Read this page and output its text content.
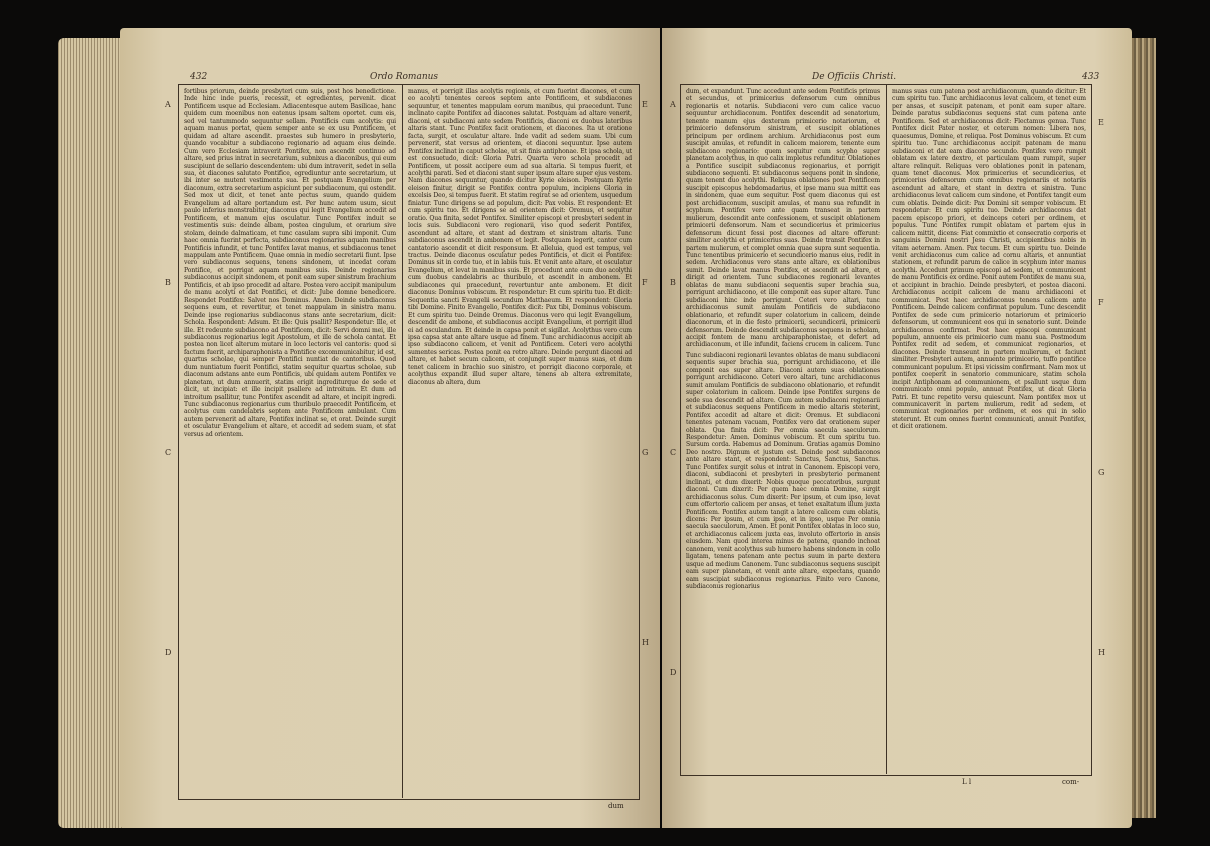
432	Ordo Romanus
A
B
C
D
E
F
G
H
fortibus priorum, deinde presbyteri cum suis, post hos benedictione. Inde hinc inde pueris, recessit, et egredientes, pervenit. dicat Pontificem usque ad Ecclesiam. Adiacentesque autem Basilicae, hanc quidem cum moenibus non eatenus ipsam saltem oportet. cum eis, sed vel tantummodo sequuntur sellam. Pontificis cum acolytis: qui aquam manus portat, quem semper ante se ex usu Pontificem, et quidam ad altare ascendit. praestes sub humero in presbyterio, quando vocabitur a subdiacono regionario ad aquam eius deinde. Cum vero Ecclesiam intraverit Pontifex, non ascendit continuo ad altare, sed prius intrat in secretarium, subnixus a diaconibus, qui eum suscipiunt de sellario descendentem: ubi dum intraverit, sedet in sella sua, et diacones salutato Pontifice, egrediuntur ante secretarium, ut ibi inter se mutent vestimenta sua. Et postquam Evangelium per diaconum, extra secretarium aspiciunt per subdiaconum, qui ostendit. Sed mox ut dicit, et tenet ante pectus suum, quando quidem Evangelium ad altare portandum est. Per hunc autem usum, sicut paulo inferius monstrabitur, diaconus qui legit Evangelium accedit ad Pontificem, et manum ejus osculatur. Tunc Pontifex induit se vestimentis suis: deinde albam, postea cingulum, et orarium sive stolam, deinde dalmaticam, et tunc casulam supra sibi imponit. Cum haec omnia fuerint perfecta, subdiaconus regionarius aquam manibus Pontificis infundit, et tunc Pontifex lavat manus, et subdiaconus tenet mappulam ante Pontificem. Quae omnia in medio secretarii fiunt. Ipse vero subdiaconus sequens, tenens sindonem, ut incedat coram Pontifice, et porrigat aquam manibus suis. Deinde regionarius subdiaconus accipit sindonem, et ponit eam super sinistrum brachium Pontificis, et ab ipso procedit ad altare. Postea vero accipit manipulum de manu acolyti et dat Pontifici, et dicit: Jube domne benedicere. Respondet Pontifex: Salvet nos Dominus. Amen. Deinde subdiaconus sequens eum, et revertitur, et tenet mappulam in sinistra manu. Deinde ipse regionarius subdiaconus stans ante secretarium, dicit: Schola. Respondent: Adsum. Et ille: Quis psallit? Respondetur: Ille, et ille. Et redeunte subdiacono ad Pontificem, dicit: Servi domni mei, ille subdiaconus regionarius legit Apostolum, et ille de schola cantat. Et postea non licet alterum mutare in loco lectoris vel cantoris: quod si factum fuerit, archiparaphonista a Pontifice excommunicabitur, id est, quartus scholae, qui semper Pontifici nuntiat de cantoribus. Quod dum nuntiatum fuerit Pontifici, statim sequitur quartus scholae, sub diaconum adstans ante eum Pontificis, ubi quidam autem Pontifex ve planetam, ut dum annuerit, statim erigit ingrediturque de sede et dicit, ut incipiat: et ille incipit psallere ad introitum. Et dum ad introitum psallitur, tunc Pontifex ascendit ad altare, et incipit ingredi. Tunc subdiaconus regionarius cum thuribulo praecedit Pontificem, et acolytus cum candelabris septem ante Pontificem ambulant. Cum autem pervenerit ad altare, Pontifex inclinat se, et orat. Deinde surgit et osculatur Evangelium et altare, et accedit ad sedem suam, et stat versus ad orientem.
manus, et porrigit illas acolytis regionis, et cum fuerint diacones, et cum eo acolyti tenentes cereos septem ante Pontificem, et subdiacones sequuntur, et tenentes mappulam eorum manibus, qui praecedunt. Tunc inclinato capite Pontifex ad diacones salutat. Postquam ad altare venerit, diaconi, et subdiaconi ante sedem Pontificis, diaconi ex duobus lateribus altaris stant. Tunc Pontifex facit orationem, et diacones. Ita ut oratione facta, surgit, et osculatur altare. Inde vadit ad sedem suam. Ubi cum pervenerit, stat versus ad orientem, et diaconi sequuntur. Ipse autem Pontifex inclinat in caput scholae, ut sit finis antiphonae. Et ipsa schola, ut est consuetudo, dicit: Gloria Patri. Quarta vero schola procedit ad Pontificem, ut possit accipere eum ad sua altaria. Si tempus fuerit, et acolythi parati. Sed et diaconi stant super ipsum altare super ejus vestem. Nam diacones sequuntur, quando dicitur Kyrie eleison. Postquam Kyrie eleison finitur, dirigit se Pontifex contra populum, incipiens Gloria in excelsis Deo, si tempus fuerit. Et statim regirat se ad orientem, usquedum finiatur. Tunc dirigens se ad populum, dicit: Pax vobis. Et respondent: Et cum spiritu tuo. Et dirigens se ad orientem dicit: Oremus, et sequitur oratio. Qua finita, sedet Pontifex. Similiter episcopi et presbyteri sedent in locis suis. Subdiaconi vero regionarii, viso quod sederit Pontifex, ascendunt ad altare, et stant ad dextram et sinistram altaris. Tunc subdiaconus ascendit in ambonem et legit. Postquam legerit, cantor cum cantatorio ascendit et dicit responsum. Et alleluia, quod est tempus, vel tractus. Deinde diaconus osculatur pedes Pontificis, et dicit ei Pontifex: Dominus sit in corde tuo, et in labiis tuis. Et venit ante altare, et osculatur Evangelium, et levat in manibus suis. Et procedunt ante eum duo acolythi cum duobus candelabris ac thuribulo, et ascendit in ambonem. Et subdiacones qui praecedunt, revertuntur ante ambonem. Et dicit diaconus: Dominus vobiscum. Et respondetur: Et cum spiritu tuo. Et dicit: Sequentia sancti Evangelii secundum Matthaeum. Et respondent: Gloria tibi Domine. Finito Evangelio, Pontifex dicit: Pax tibi, Dominus vobiscum. Et cum spiritu tuo. Deinde Oremus. Diaconus vero qui legit Evangelium, descendit de ambone, et subdiaconus accipit Evangelium, et porrigit illud ei ad osculandum. Et deinde in capsa ponit et sigillat. Acolythus vero cum ipsa capsa stat ante altare usque ad finem. Tunc archidiaconus accipit ab ipso subdiacono calicem, et venit ad Pontificem. Ceteri vero acolythi sumentes sericas. Postea ponit ea retro altare. Deinde pergunt diaconi ad altare, et habet secum calicem, et conjungit super manus suas, et dum tenet calicem in brachio suo sinistro, et porrigit diacono corporale, et acolythus expandit illud super altare, tenens ab altera extremitate, diaconus ab altera, dum
dum
De Officiis Christi.	433
A
B
C
D
E
F
G
H
dum, et expandunt. Tunc accedunt ante sedem Pontificis primus et secundus, et primicerius defensorum cum omnibus regionariis et notariis. Subdiaconi vero cum calice vacuo sequuntur archidiaconum. Pontifex descendit ad senatorium, tenente manum ejus dexteram primicerio notariorum, et primicerio defensorum sinistram, et suscipit oblationes principum per ordinem archium. Archidiaconus post eum suscipit amulas, et refundit in calicem maiorem, tenente eum subdiacono regionario: quem sequitur cum scypho super planetam acolythus, in quo calix impletus refunditur. Oblationes a Pontifice suscipit subdiaconus regionarius, et porrigit subdiacono sequenti. Et subdiaconus sequens ponit in sindone, quam tenent duo acolythi. Reliquas oblationes post Pontificem suscipit episcopus hebdomadarius, et ipse manu sua mittit eas in sindonem, quae eum sequitur. Post quem diaconus qui est post archidiaconum, suscipit amulas, et manu sua refundit in scyphum. Pontifex vero ante quam transeat in partem mulierum, descendit ante confessionem, et suscipit oblationem primicerii defensorum. Nam et secundicerius et primicerius defensorum dicunt fessi post diacones ad altare offerunt: similiter acolythi et primicerius suas. Deinde transit Pontifex in partem mulierum, et complet omnia quae supra sunt sequentia. Tunc tenentibus primicerio et secundicerio manus eius, redit in sedem. Archidiaconus vero stans ante altare, ex oblationibus sumit. Deinde lavat manus Pontifex, et ascendit ad altare, et dirigit ad orientem. Tunc subdiacones regionarii levantes oblatas de manu subdiaconi sequentis super brachia sua, porrigunt archidiacono, et ille componit eas super altare. Tunc subdiaconi hinc inde porrigunt. Ceteri vero altari, tunc archidiaconus sumit amulam Pontificis de subdiacono oblationario, et refundit super colatorium in calicem, deinde diaconorum, et in die festo primicerii, secundicerii, primicerii defensorum. Deinde descendit subdiaconus sequens in scholam, accipit fontem de manu archiparaphonistae, et defert ad archidiaconum, et ille infundit, faciens crucem in calicem. Tunc
Tunc subdiaconi regionarii levantes oblatas de manu subdiaconi sequentis super brachia sua, porrigunt archidiacono, et ille componit eas super altare. Diaconi autem suas oblationes porrigunt archidiacono. Ceteri vero altari, tunc archidiaconus sumit amulam Pontificis de subdiacono oblationario, et refundit super colatorium in calicem. Deinde ipse Pontifex surgens de sede sua descendit ad altare. Cum autem subdiaconi regionarii et subdiaconus sequens Pontificem in medio altaris steterint, Pontifex accedit ad altare et dicit: Oremus. Et subdiaconi tenentes patenam vacuam, Pontifex vero dat orationem super oblata. Qua finita dicit: Per omnia saecula saeculorum. Respondetur: Amen. Dominus vobiscum. Et cum spiritu tuo. Sursum corda. Habemus ad Dominum. Gratias agamus Domino Deo nostro. Dignum et justum est. Deinde post subdiaconos ante altare stant, et respondent: Sanctus, Sanctus, Sanctus. Tunc Pontifex surgit solus et intrat in Canonem. Episcopi vero, diaconi, subdiaconi et presbyteri in presbyterio permanent inclinati, et dum dixerit: Nobis quoque peccatoribus, surgunt diaconi. Cum dixerit: Per quem haec omnia Domine, surgit archidiaconus solus. Cum dixerit: Per ipsum, et cum ipso, levat cum offertorio calicem per ansas, et tenet exaltatum illum juxta Pontificem. Pontifex autem tangit a latere calicem cum oblatis, dicens: Per ipsum, et cum ipso, et in ipso, usque Per omnia saecula saeculorum, Amen. Et ponit Pontifex oblatas in loco suo, et archidiaconus calicem juxta eas, involuto offertorio in ansis eiusdem. Nam quod interea minus de patena, quando inchoat canonem, venit acolythus sub humero habens sindonem in collo ligatam, tenens patenam ante pectus suum in parte dextera usque ad medium Canonem. Tunc subdiaconus sequens suscipit eam super planetam, et venit ante altare, expectans, quando eam suscipiat subdiaconus regionarius. Finito vero Canone, subdiaconus regionarius
manus suas cum patena post archidiaconum, quando dicitur: Et cum spiritu tuo. Tunc archidiaconus levat calicem, et tenet eum per ansas, et suscipit patenam, et ponit eam super altare. Deinde paratus subdiaconus sequens stat cum patena ante Pontificem. Sed et archidiaconus dicit: Flectamus genua. Tunc Pontifex dicit Pater noster, et ceterum nomen: Libera nos, quaesumus, Domine, et reliqua. Post Dominus vobiscum. Et cum spiritu tuo. Tunc archidiaconus accipit patenam de manu subdiaconi et dat eam diacono secundo. Pontifex vero rumpit oblatam ex latere dextro, et particulam quam rumpit, super altare relinquit. Reliquas vero oblationes ponit in patenam, quam tenet diaconus. Mox primicerius et secundicerius, et primicerius defensorum cum omnibus regionariis et notariis ascendunt ad altare, et stant in dextra et sinistra. Tunc archidiaconus levat calicem cum sindone, et Pontifex tangit eum cum oblatis. Deinde dicit: Pax Domini sit semper vobiscum. Et respondetur: Et cum spiritu tuo. Deinde archidiaconus dat pacem episcopo priori, et deinceps ceteri per ordinem, et populus. Tunc Pontifex rumpit oblatam et partem ejus in calicem mittit, dicens: Fiat commixtio et consecratio corporis et sanguinis Domini nostri Jesu Christi, accipientibus nobis in vitam aeternam. Amen. Pax tecum. Et cum spiritu tuo. Deinde venit archidiaconus cum calice ad cornu altaris, et annuntiat stationem, et refundit parum de calice in scyphum inter manus acolythi. Accedunt primum episcopi ad sedem, ut communicent de manu Pontificis ex ordine. Ponit autem Pontifex de manu sua, et accipiunt in brachio. Deinde presbyteri, et postea diaconi. Archidiaconus accipit calicem de manu archidiaconi et communicat. Post haec archidiaconus tenens calicem ante Pontificem. Deinde calicem confirmat populum. Tunc descendit Pontifex de sede cum primicerio notariorum et primicerio defensorum, ut communicent eos qui in senatorio sunt. Deinde archidiaconus confirmat. Post haec episcopi communicant populum, annuente eis primicerio cum manu sua. Postmodum Pontifex redit ad sedem, et communicat regionarios, et diacones. Deinde transeunt in partem mulierum, et faciunt similiter. Presbyteri autem, annuente primicerio, tuffo pontifice communicant populum. Et ipsi vicissim confirmant. Nam mox ut pontifex coeperit in senatorio communicare, statim schola incipit Antiphonam ad communionem, et psallunt usque dum communicato omni populo, annuat Pontifex, ut dicat Gloria Patri. Et tunc repetito versu quiescunt. Nam pontifex mox ut communicaverit in partem mulierum, redit ad sedem, et communicat regionarios per ordinem, et eos qui in solio steterunt. Et cum omnes fuerint communicati, annuit Pontifex, et dicit orationem.
L l	com-
